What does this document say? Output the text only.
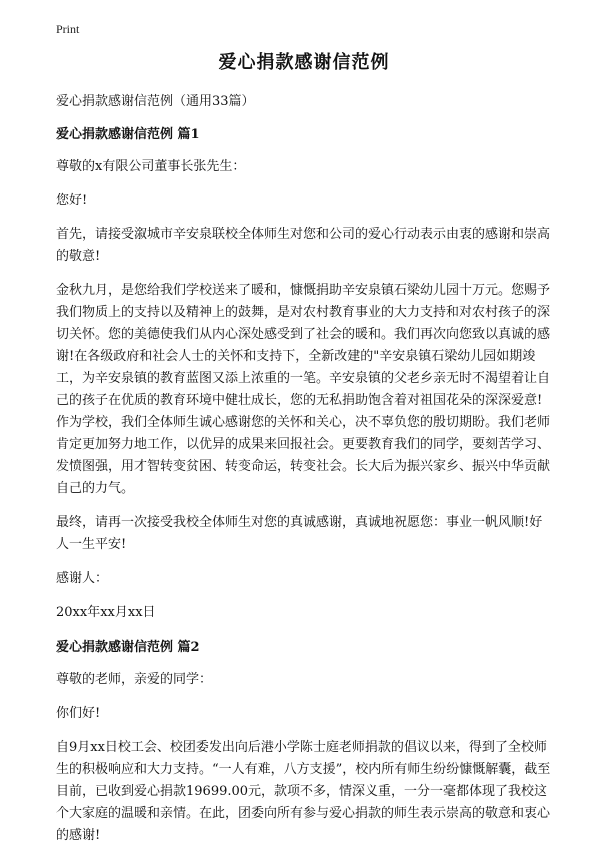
Print
爱心捐款感谢信范例
爱心捐款感谢信范例（通用33篇）
爱心捐款感谢信范例 篇1
尊敬的x有限公司董事长张先生：
您好!
首先，请接受溆城市辛安泉联校全体师生对您和公司的爱心行动表示由衷的感谢和崇高的敬意!
金秋九月，是您给我们学校送来了暖和，慷慨捐助辛安泉镇石梁幼儿园十万元。您赐予我们物质上的支持以及精神上的鼓舞，是对农村教育事业的大力支持和对农村孩子的深切关怀。您的美德使我们从内心深处感受到了社会的暖和。我们再次向您致以真诚的感谢!在各级政府和社会人士的关怀和支持下，全新改建的"辛安泉镇石梁幼儿园如期竣工，为辛安泉镇的教育蓝图又添上浓重的一笔。辛安泉镇的父老乡亲无时不渴望着让自己的孩子在优质的教育环境中健壮成长，您的无私捐助饱含着对祖国花朵的深深爱意!作为学校，我们全体师生诚心感谢您的关怀和关心，决不辜负您的殷切期盼。我们老师肯定更加努力地工作，以优异的成果来回报社会。更要教育我们的同学，要刻苦学习、发愤图强，用才智转变贫困、转变命运，转变社会。长大后为振兴家乡、振兴中华贡献自己的力气。
最终，请再一次接受我校全体师生对您的真诚感谢，真诚地祝愿您：事业一帆风顺!好人一生平安!
感谢人：
20xx年xx月xx日
爱心捐款感谢信范例 篇2
尊敬的老师，亲爱的同学：
你们好!
自9月xx日校工会、校团委发出向后港小学陈士庭老师捐款的倡议以来，得到了全校师生的积极响应和大力支持。“一人有难，八方支援”，校内所有师生纷纷慷慨解囊，截至目前，已收到爱心捐款19699.00元，款项不多，情深义重，一分一毫都体现了我校这个大家庭的温暖和亲情。在此，团委向所有参与爱心捐款的师生表示崇高的敬意和衷心的感谢!
